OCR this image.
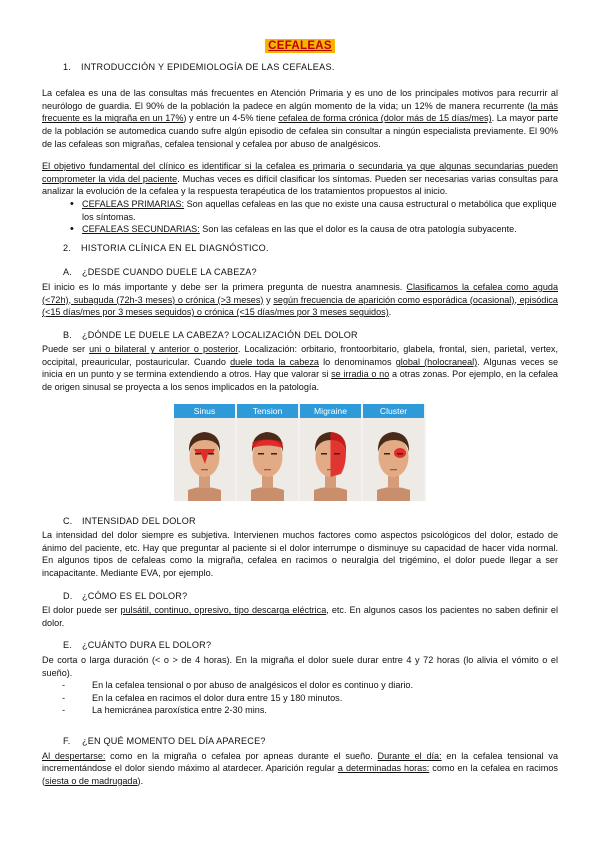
CEFALEAS
1. INTRODUCCIÓN Y EPIDEMIOLOGÍA DE LAS CEFALEAS.

La cefalea es una de las consultas más frecuentes en Atención Primaria y es uno de los principales motivos para recurrir al neurólogo de guardia. El 90% de la población la padece en algún momento de la vida; un 12% de manera recurrente (la más frecuente es la migraña en un 17%) y entre un 4-5% tiene cefalea de forma crónica (dolor más de 15 días/mes). La mayor parte de la población se automedica cuando sufre algún episodio de cefalea sin consultar a ningún especialista previamente. El 90% de las cefaleas son migrañas, cefalea tensional y cefalea por abuso de analgésicos.

El objetivo fundamental del clínico es identificar si la cefalea es primaria o secundaria ya que algunas secundarias pueden comprometer la vida del paciente. Muchas veces es difícil clasificar los síntomas. Pueden ser necesarias varias consultas para analizar la evolución de la cefalea y la respuesta terapéutica de los tratamientos propuestos al inicio.

• CEFALEAS PRIMARIAS: Son aquellas cefaleas en las que no existe una causa estructural o metabólica que explique los síntomas.
• CEFALEAS SECUNDARIAS: Son las cefaleas en las que el dolor es la causa de otra patología subyacente.
2. HISTORIA CLÍNICA EN EL DIAGNÓSTICO.
A. ¿DESDE CUANDO DUELE LA CABEZA?

El inicio es lo más importante y debe ser la primera pregunta de nuestra anamnesis. Clasificamos la cefalea como aguda (<72h), subaguda (72h-3 meses) o crónica (>3 meses) y según frecuencia de aparición como esporádica (ocasional), episódica (<15 días/mes por 3 meses seguidos) o crónica (<15 días/mes por 3 meses seguidos).

B. ¿DÓNDE LE DUELE LA CABEZA? LOCALIZACIÓN DEL DOLOR

Puede ser uni o bilateral y anterior o posterior. Localización: orbitario, frontoorbitario, glabela, frontal, sien, parietal, vertex, occipital, preauricular, postauricular. Cuando duele toda la cabeza lo denominamos global (holocraneal). Algunas veces se inicia en un punto y se termina extendiendo a otros. Hay que valorar si se irradia o no a otras zonas. Por ejemplo, en la cefalea de origen sinusal se proyecta a los senos implicados en la patología.

Sinus	Tension	Migraine	Cluster
C. INTENSIDAD DEL DOLOR

La intensidad del dolor siempre es subjetiva. Intervienen muchos factores como aspectos psicológicos del dolor, estado de ánimo del paciente, etc. Hay que preguntar al paciente si el dolor interrumpe o disminuye su capacidad de hacer vida normal. En algunos tipos de cefaleas como la migraña, cefalea en racimos o neuralgia del trigémino, el dolor puede llegar a ser incapacitante. Mediante EVA, por ejemplo.

D. ¿CÓMO ES EL DOLOR?

El dolor puede ser pulsátil, continuo, opresivo, tipo descarga eléctrica, etc. En algunos casos los pacientes no saben definir el dolor.

E. ¿CUÁNTO DURA EL DOLOR?

De corta o larga duración (< o > de 4 horas). En la migraña el dolor suele durar entre 4 y 72 horas (lo alivia el vómito o el sueño).

- En la cefalea tensional o por abuso de analgésicos el dolor es continuo y diario.
- En la cefalea en racimos el dolor dura entre 15 y 180 minutos.
- La hemicránea paroxística entre 2-30 mins.
F. ¿EN QUÉ MOMENTO DEL DÍA APARECE?

Al despertarse: como en la migraña o cefalea por apneas durante el sueño. Durante el día: en la cefalea tensional va incrementándose el dolor siendo máximo al atardecer. Aparición regular a determinadas horas: como en la cefalea en racimos (siesta o de madrugada).
